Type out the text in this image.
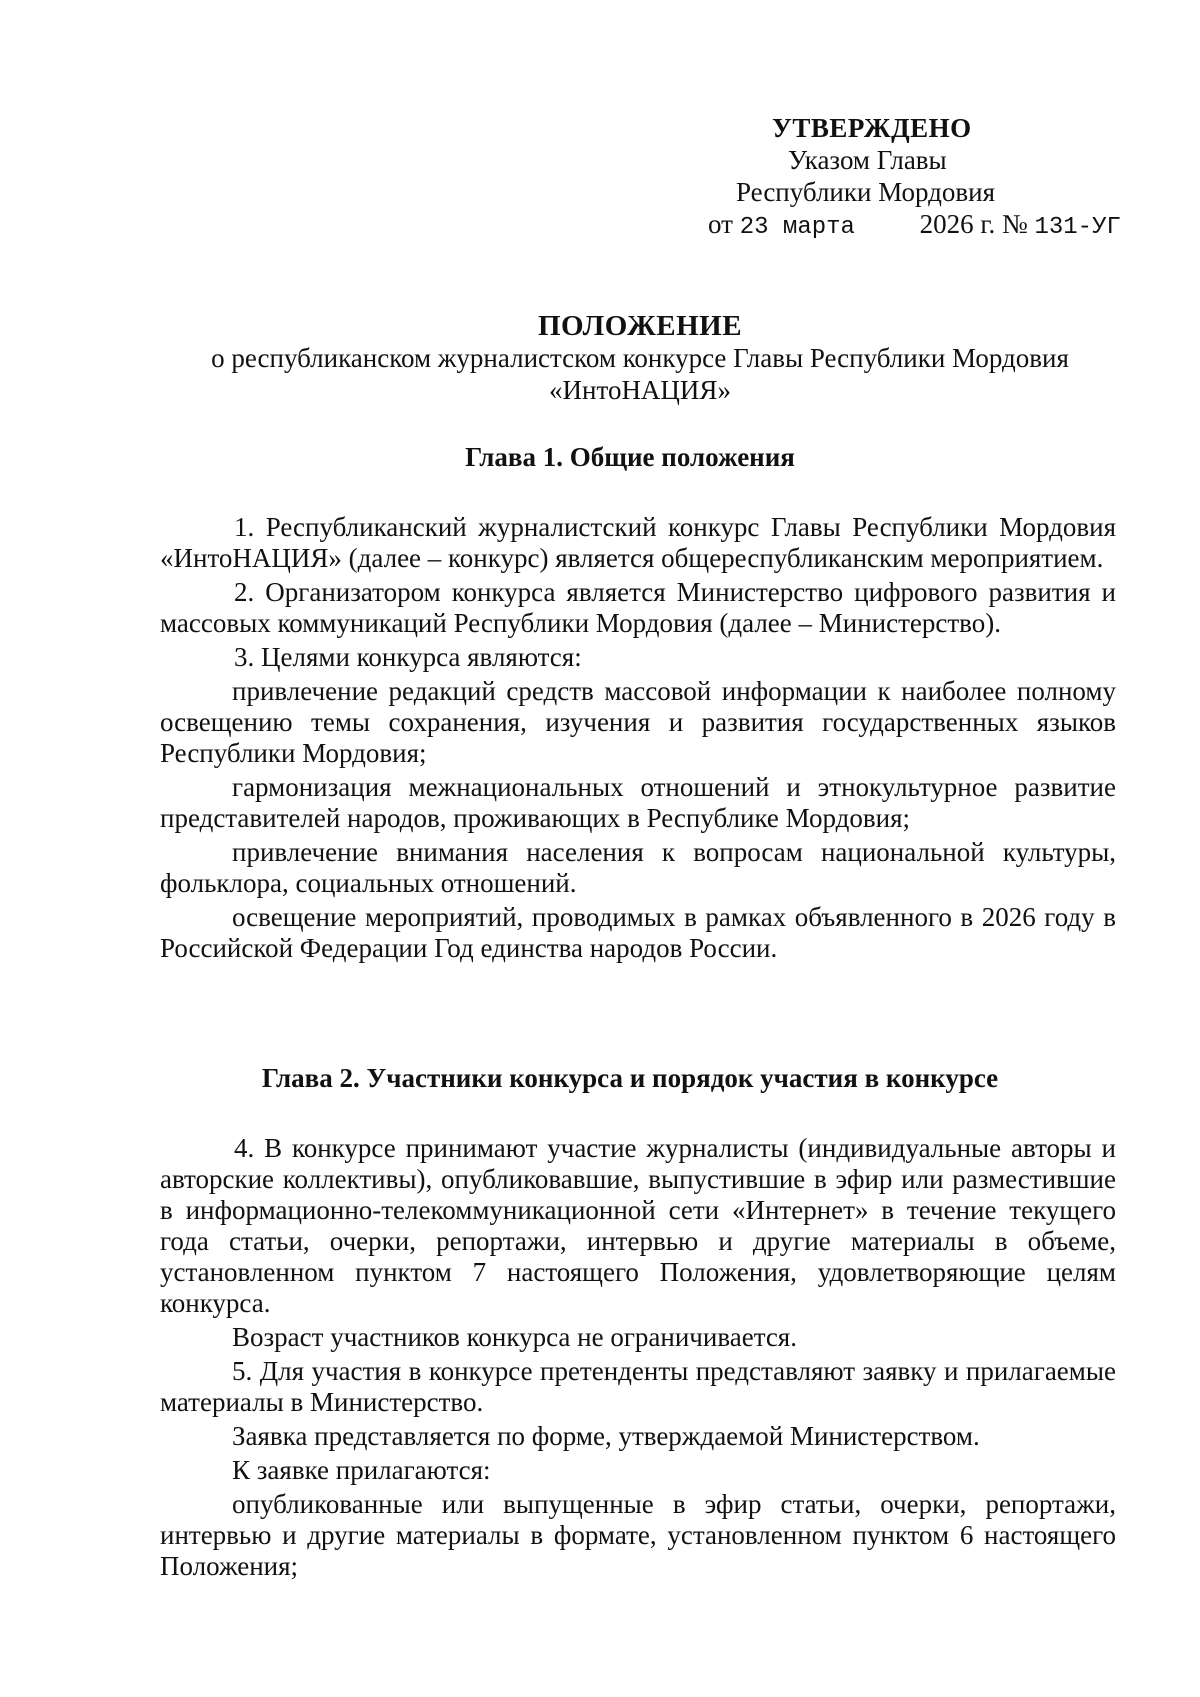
УТВЕРЖДЕНО
Указом Главы
Республики Мордовия
от 23 марта 2026 г. № 131-УГ
ПОЛОЖЕНИЕ
о республиканском журналистском конкурсе Главы Республики Мордовия
«ИнтоНАЦИЯ»
Глава 1. Общие положения

1. Республиканский журналистский конкурс Главы Республики Мордовия «ИнтоНАЦИЯ» (далее – конкурс) является общереспубликанским мероприятием.

2. Организатором конкурса является Министерство цифрового развития и массовых коммуникаций Республики Мордовия (далее – Министерство).

3. Целями конкурса являются:

привлечение редакций средств массовой информации к наиболее полному освещению темы сохранения, изучения и развития государственных языков Республики Мордовия;

гармонизация межнациональных отношений и этнокультурное развитие представителей народов, проживающих в Республике Мордовия;

привлечение внимания населения к вопросам национальной культуры, фольклора, социальных отношений.

освещение мероприятий, проводимых в рамках объявленного в 2026 году в Российской Федерации Год единства народов России.

Глава 2. Участники конкурса и порядок участия в конкурсе

4. В конкурсе принимают участие журналисты (индивидуальные авторы и авторские коллективы), опубликовавшие, выпустившие в эфир или разместившие в информационно-телекоммуникационной сети «Интернет» в течение текущего года статьи, очерки, репортажи, интервью и другие материалы в объеме, установленном пунктом 7 настоящего Положения, удовлетворяющие целям конкурса.

Возраст участников конкурса не ограничивается.

5. Для участия в конкурсе претенденты представляют заявку и прилагаемые материалы в Министерство.

Заявка представляется по форме, утверждаемой Министерством.

К заявке прилагаются:

опубликованные или выпущенные в эфир статьи, очерки, репортажи, интервью и другие материалы в формате, установленном пунктом 6 настоящего Положения;
